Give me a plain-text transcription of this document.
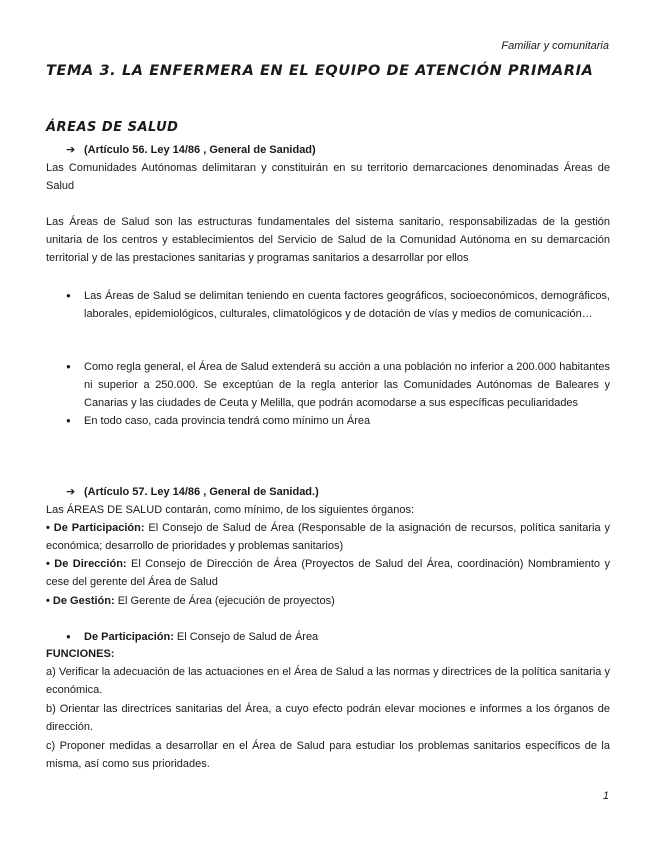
Familiar y comunitaria
TEMA 3. LA ENFERMERA EN EL EQUIPO DE ATENCIÓN PRIMARIA
ÁREAS DE SALUD
➔ (Artículo 56. Ley 14/86 , General de Sanidad)
Las Comunidades Autónomas delimitaran y constituirán en su territorio demarcaciones denominadas Áreas de Salud
Las Áreas de Salud son las estructuras fundamentales del sistema sanitario, responsabilizadas de la gestión unitaria de los centros y establecimientos del Servicio de Salud de la Comunidad Autónoma en su demarcación territorial y de las prestaciones sanitarias y programas sanitarios a desarrollar por ellos
● Las Áreas de Salud se delimitan teniendo en cuenta factores geográficos, socioeconómicos, demográficos, laborales, epidemiológicos, culturales, climatológicos y de dotación de vías y medios de comunicación…
● Como regla general, el Área de Salud extenderá su acción a una población no inferior a 200.000 habitantes ni superior a 250.000. Se exceptúan de la regla anterior las Comunidades Autónomas de Baleares y Canarias y las ciudades de Ceuta y Melilla, que podrán acomodarse a sus específicas peculiaridades
● En todo caso, cada provincia tendrá como mínimo un Área
➔ (Artículo 57. Ley 14/86 , General de Sanidad.)
Las ÁREAS DE SALUD contarán, como mínimo, de los siguientes órganos:
• De Participación: El Consejo de Salud de Área (Responsable de la asignación de recursos, política sanitaria y económica; desarrollo de prioridades y problemas sanitarios)
• De Dirección: El Consejo de Dirección de Área (Proyectos de Salud del Área, coordinación) Nombramiento y cese del gerente del Área de Salud
• De Gestión: El Gerente de Área (ejecución de proyectos)
● De Participación: El Consejo de Salud de Área
FUNCIONES:
a) Verificar la adecuación de las actuaciones en el Área de Salud a las normas y directrices de la política sanitaria y económica.
b) Orientar las directrices sanitarias del Área, a cuyo efecto podrán elevar mociones e informes a los órganos de dirección.
c) Proponer medidas a desarrollar en el Área de Salud para estudiar los problemas sanitarios específicos de la misma, así como sus prioridades.
1
